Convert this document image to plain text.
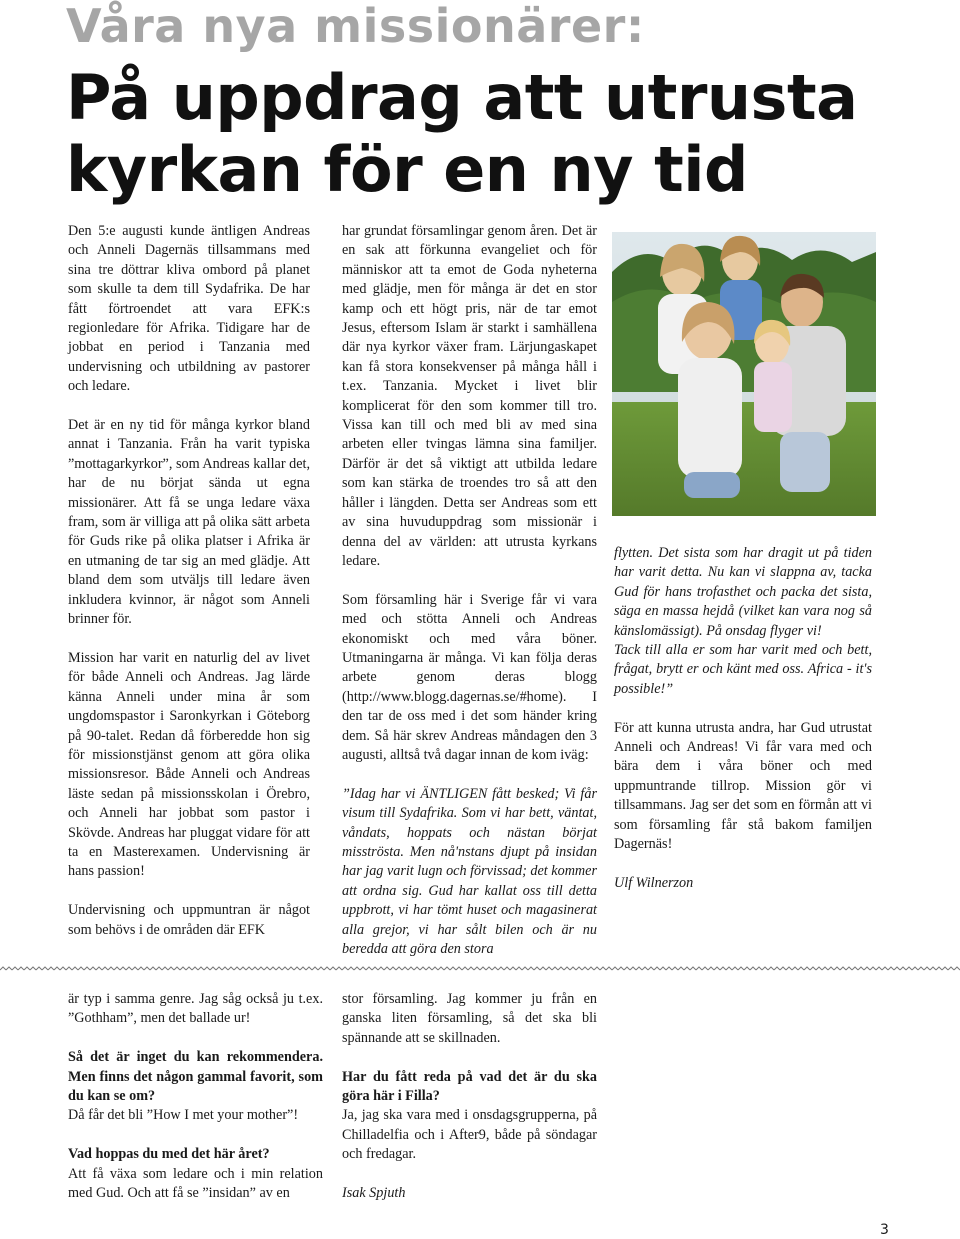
Våra nya missionärer:
På uppdrag att utrusta
kyrkan för en ny tid

Den 5:e augusti kunde äntligen Andreas och Anneli Dagernäs tillsammans med sina tre döttrar kliva ombord på planet som skulle ta dem till Sydafrika. De har fått förtroendet att vara EFK:s regionledare för Afrika. Tidigare har de jobbat en period i Tanzania med undervisning och utbildning av pastorer och ledare.

Det är en ny tid för många kyrkor bland annat i Tanzania. Från ha varit typiska ”mottagarkyrkor”, som Andreas kallar det, har de nu börjat sända ut egna missionärer. Att få se unga ledare växa fram, som är villiga att på olika sätt arbeta för Guds rike på olika platser i Afrika är en utmaning de tar sig an med glädje. Att bland dem som utväljs till ledare även inkludera kvinnor, är något som Anneli brinner för.

Mission har varit en naturlig del av livet för både Anneli och Andreas. Jag lärde känna Anneli under mina år som ungdomspastor i Saronkyrkan i Göteborg på 90-talet. Redan då förberedde hon sig för missionstjänst genom att göra olika missionsresor. Både Anneli och Andreas läste sedan på missionsskolan i Örebro, och Anneli har jobbat som pastor i Skövde. Andreas har pluggat vidare för att ta en Masterexamen. Undervisning är hans passion!

Undervisning och uppmuntran är något som behövs i de områden där EFK

har grundat församlingar genom åren. Det är en sak att förkunna evangeliet och för människor att ta emot de Goda nyheterna med glädje, men för många är det en stor kamp och ett högt pris, när de tar emot Jesus, eftersom Islam är starkt i samhällena där nya kyrkor växer fram. Lärjungaskapet kan få stora konsekvenser på många håll i t.ex. Tanzania. Mycket i livet blir komplicerat för den som kommer till tro. Vissa kan till och med bli av med sina arbeten eller tvingas lämna sina familjer. Därför är det så viktigt att utbilda ledare som kan stärka de troendes tro så att den håller i längden. Detta ser Andreas som ett av sina huvuduppdrag som missionär i denna del av världen: att utrusta kyrkans ledare.

Som församling här i Sverige får vi vara med och stötta Anneli och Andreas ekonomiskt och med våra böner. Utmaningarna är många. Vi kan följa deras arbete genom deras blogg (http://www.blogg.dagernas.se/#home). I den tar de oss med i det som händer kring dem. Så här skrev Andreas måndagen den 3 augusti, alltså två dagar innan de kom iväg:

”Idag har vi ÄNTLIGEN fått besked; Vi får visum till Sydafrika. Som vi har bett, väntat, våndats, hoppats och nästan börjat misströsta. Men nå'nstans djupt på insidan har jag varit lugn och förvissad; det kommer att ordna sig. Gud har kallat oss till detta uppbrott, vi har tömt huset och magasinerat alla grejor, vi har sålt bilen och är nu beredda att göra den stora

flytten. Det sista som har dragit ut på tiden har varit detta. Nu kan vi slappna av, tacka Gud för hans trofasthet och packa det sista, säga en massa hejdå (vilket kan vara nog så känslomässigt). På onsdag flyger vi!

Tack till alla er som har varit med och bett, frågat, brytt er och känt med oss. Africa - it's possible!”

För att kunna utrusta andra, har Gud utrustat Anneli och Andreas! Vi får vara med och bära dem i våra böner och med uppmuntrande tillrop. Mission gör vi tillsammans. Jag ser det som en förmån att vi som församling får stå bakom familjen Dagernäs!

Ulf Wilnerzon

är typ i samma genre. Jag såg också ju t.ex. ”Gothham”, men det ballade ur!

Så det är inget du kan rekommendera. Men finns det någon gammal favorit, som du kan se om?

Då får det bli ”How I met your mother”!

Vad hoppas du med det här året?

Att få växa som ledare och i min relation med Gud. Och att få se ”insidan” av en

stor församling. Jag kommer ju från en ganska liten församling, så det ska bli spännande att se skillnaden.

Har du fått reda på vad det är du ska göra här i Filla?

Ja, jag ska vara med i onsdagsgrupperna, på Chilladelfia och i After9, både på söndagar och fredagar.

Isak Spjuth

3
